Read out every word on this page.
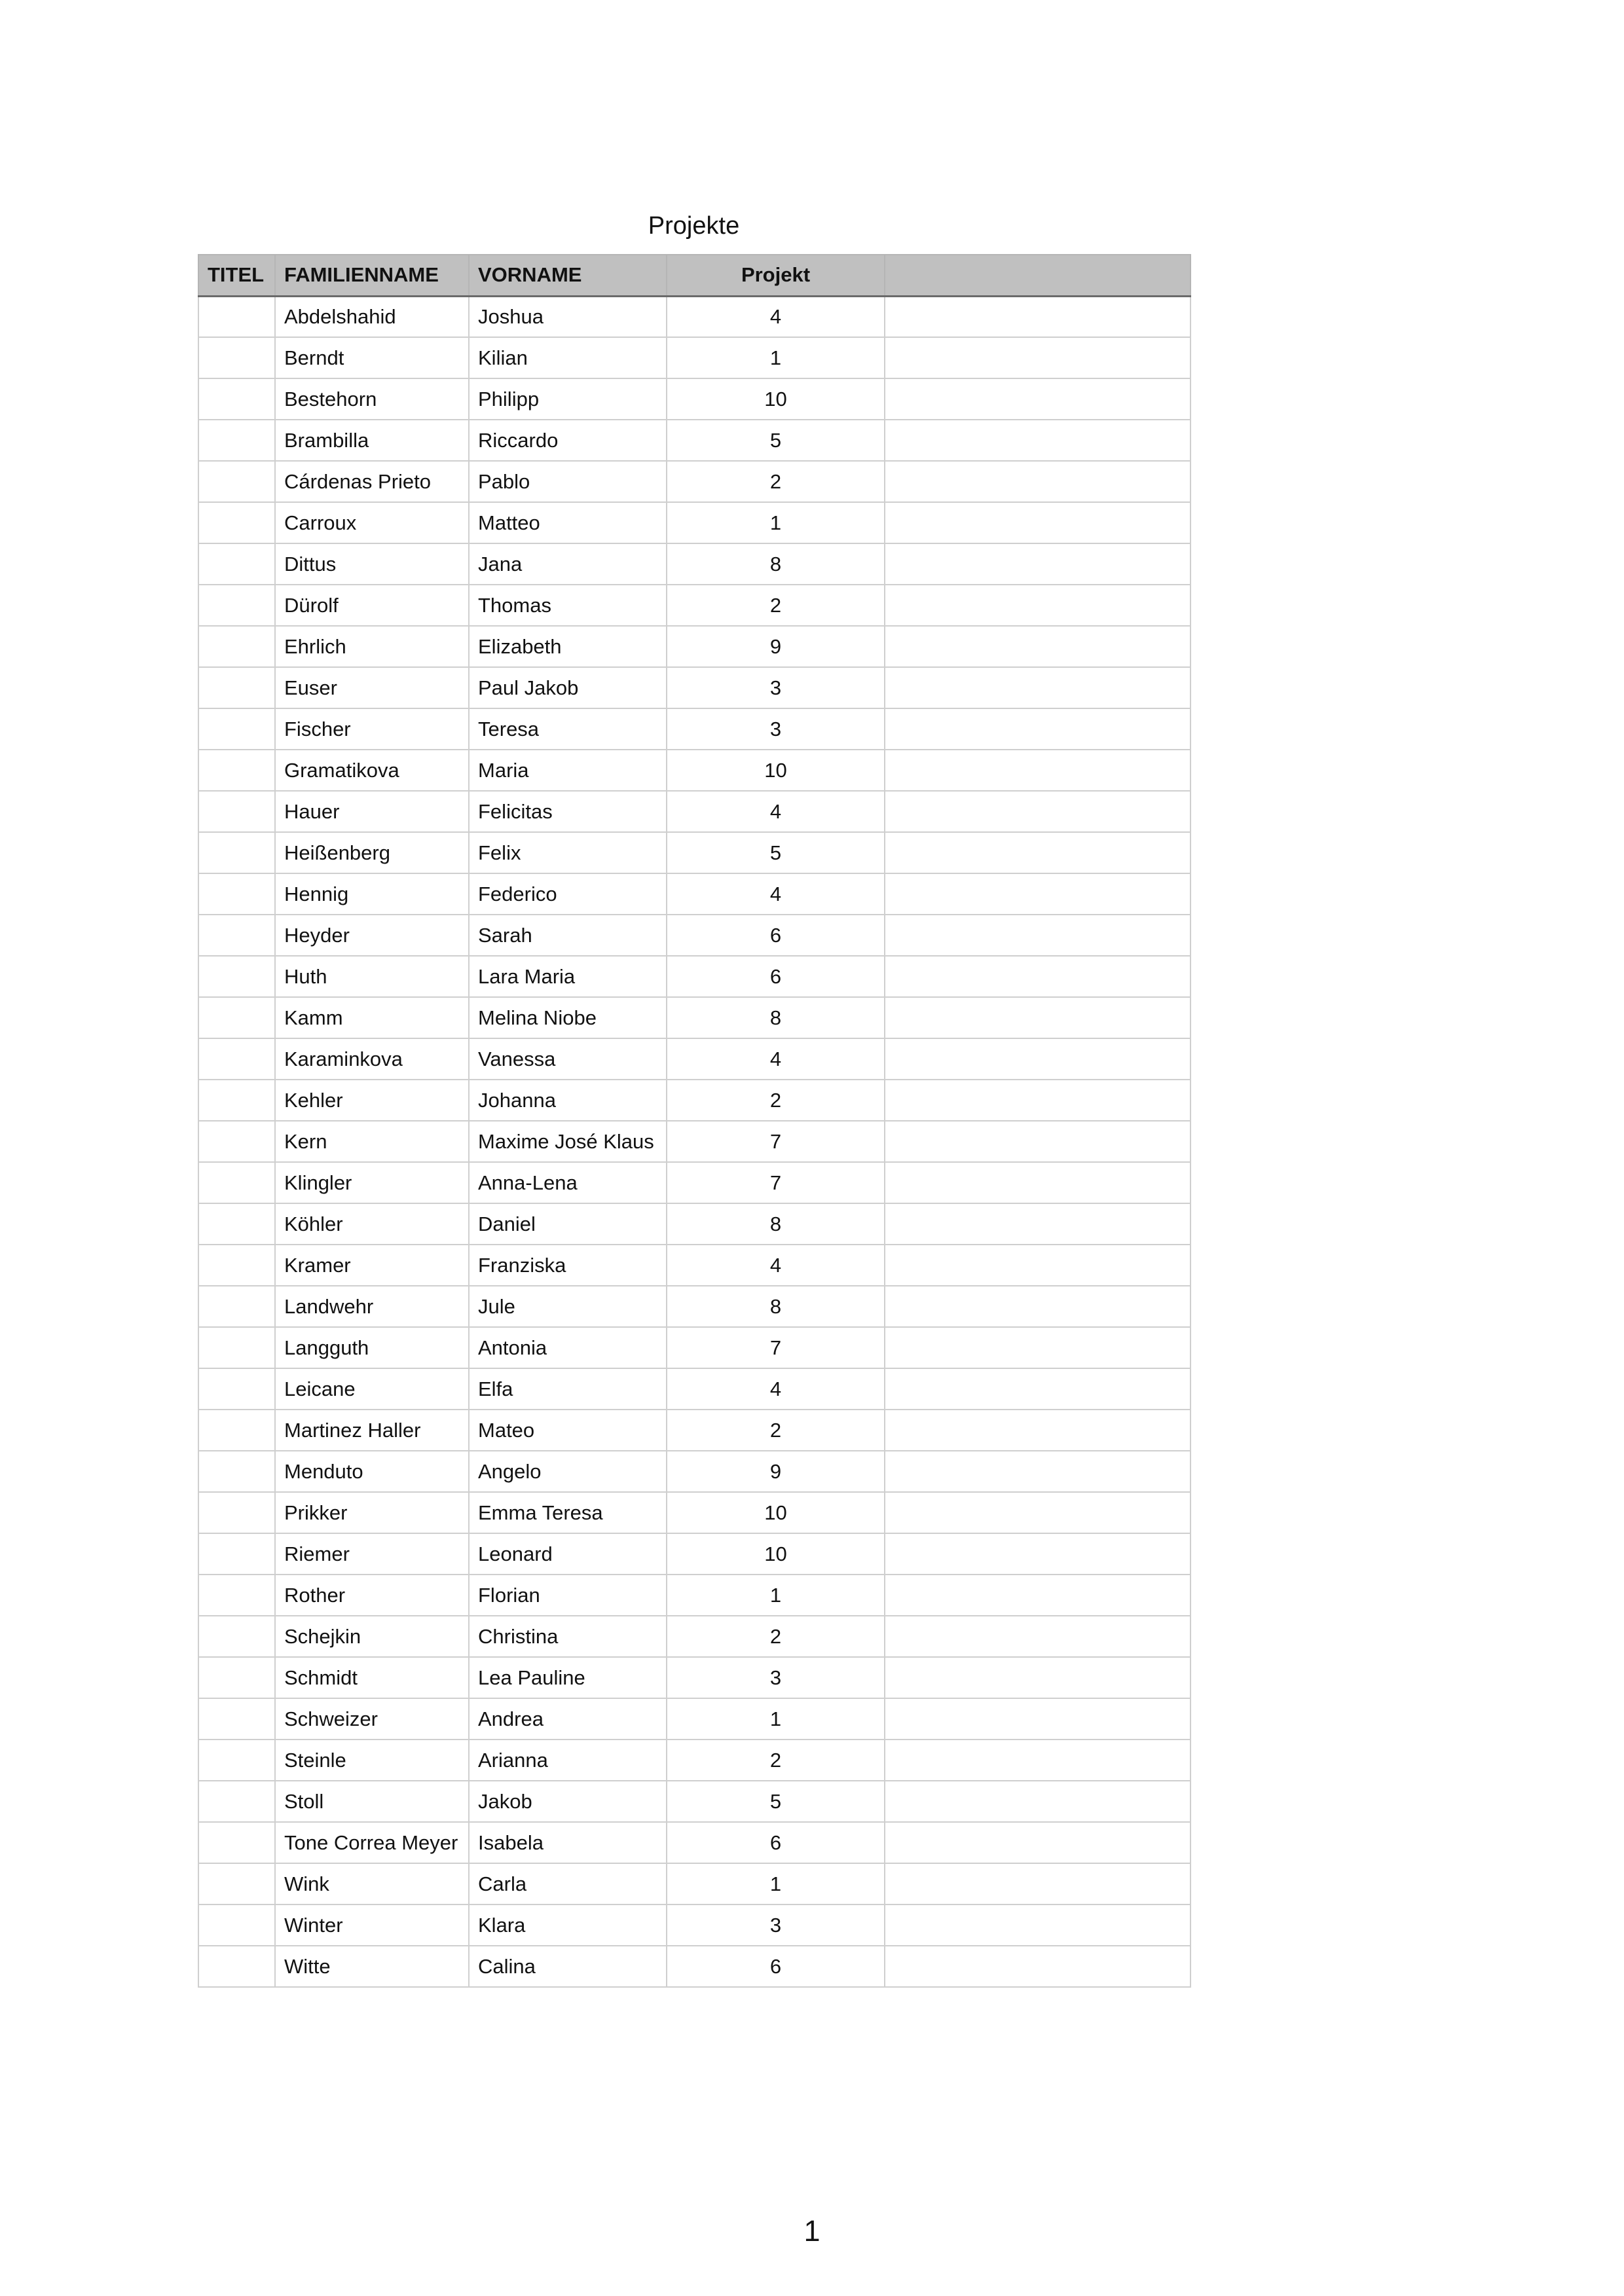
Projekte
TITEL	FAMILIENNAME	VORNAME	Projekt	
	Abdelshahid	Joshua	4	
	Berndt	Kilian	1	
	Bestehorn	Philipp	10	
	Brambilla	Riccardo	5	
	Cárdenas Prieto	Pablo	2	
	Carroux	Matteo	1	
	Dittus	Jana	8	
	Dürolf	Thomas	2	
	Ehrlich	Elizabeth	9	
	Euser	Paul Jakob	3	
	Fischer	Teresa	3	
	Gramatikova	Maria	10	
	Hauer	Felicitas	4	
	Heißenberg	Felix	5	
	Hennig	Federico	4	
	Heyder	Sarah	6	
	Huth	Lara Maria	6	
	Kamm	Melina Niobe	8	
	Karaminkova	Vanessa	4	
	Kehler	Johanna	2	
	Kern	Maxime José Klaus	7	
	Klingler	Anna-Lena	7	
	Köhler	Daniel	8	
	Kramer	Franziska	4	
	Landwehr	Jule	8	
	Langguth	Antonia	7	
	Leicane	Elfa	4	
	Martinez Haller	Mateo	2	
	Menduto	Angelo	9	
	Prikker	Emma Teresa	10	
	Riemer	Leonard	10	
	Rother	Florian	1	
	Schejkin	Christina	2	
	Schmidt	Lea Pauline	3	
	Schweizer	Andrea	1	
	Steinle	Arianna	2	
	Stoll	Jakob	5	
	Tone Correa Meyer	Isabela	6	
	Wink	Carla	1	
	Winter	Klara	3	
	Witte	Calina	6	
1
